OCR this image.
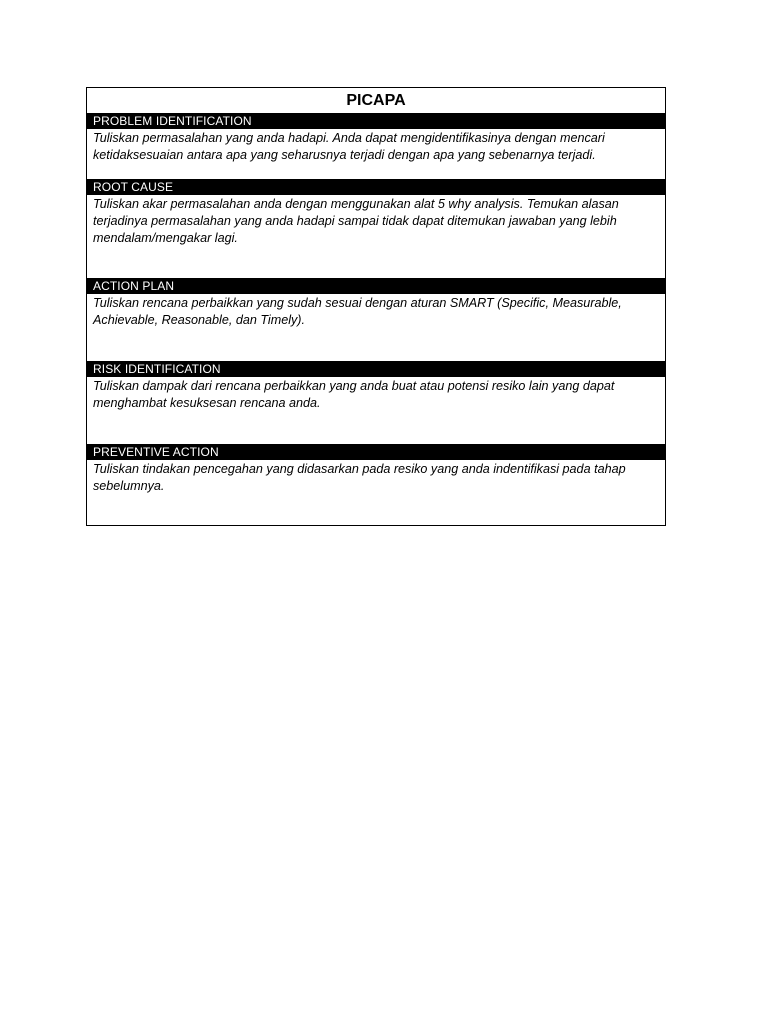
PICAPA
PROBLEM IDENTIFICATION
Tuliskan permasalahan yang anda hadapi. Anda dapat mengidentifikasinya dengan mencari ketidaksesuaian antara apa yang seharusnya terjadi dengan apa yang sebenarnya terjadi.
ROOT CAUSE
Tuliskan akar permasalahan anda dengan menggunakan alat 5 why analysis. Temukan alasan terjadinya permasalahan yang anda hadapi sampai tidak dapat ditemukan jawaban yang lebih mendalam/mengakar lagi.
ACTION PLAN
Tuliskan rencana perbaikkan yang sudah sesuai dengan aturan SMART (Specific, Measurable, Achievable, Reasonable, dan Timely).
RISK IDENTIFICATION
Tuliskan dampak dari rencana perbaikkan yang anda buat atau potensi resiko lain yang dapat menghambat kesuksesan rencana anda.
PREVENTIVE ACTION
Tuliskan tindakan pencegahan yang didasarkan pada resiko yang anda indentifikasi pada tahap sebelumnya.
